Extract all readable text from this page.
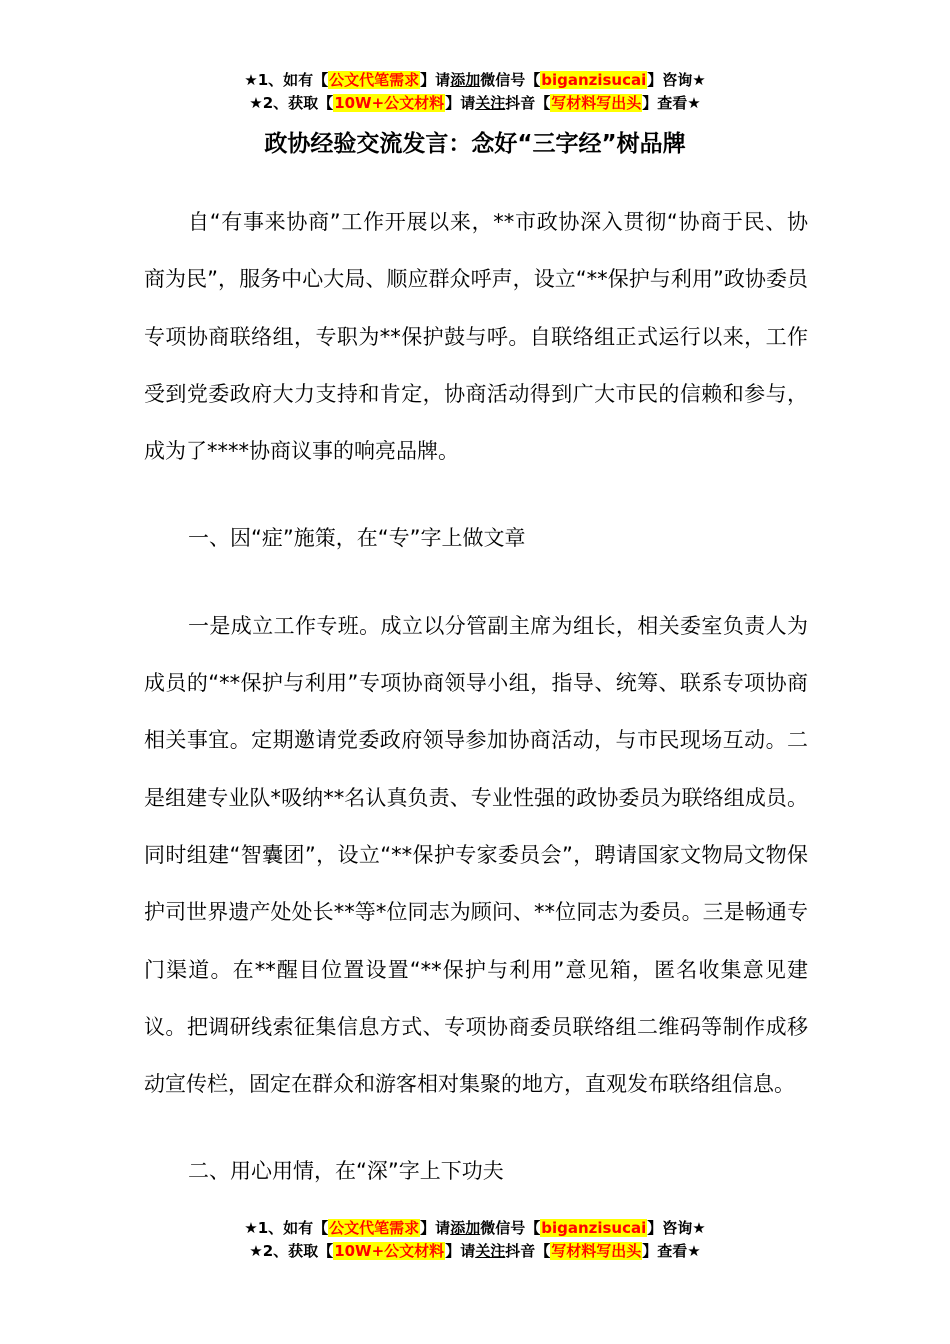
★1、如有【公文代笔需求】请添加微信号【biganzisucai】咨询★
★2、获取【10W+公文材料】请关注抖音【写材料写出头】查看★
政协经验交流发言：念好“三字经”树品牌

自“有事来协商”工作开展以来，**市政协深入贯彻“协商于民、协商为民”，服务中心大局、顺应群众呼声，设立“**保护与利用”政协委员专项协商联络组，专职为**保护鼓与呼。自联络组正式运行以来，工作受到党委政府大力支持和肯定，协商活动得到广大市民的信赖和参与，成为了****协商议事的响亮品牌。

一、因“症”施策，在“专”字上做文章

一是成立工作专班。成立以分管副主席为组长，相关委室负责人为成员的“**保护与利用”专项协商领导小组，指导、统筹、联系专项协商相关事宜。定期邀请党委政府领导参加协商活动，与市民现场互动。二是组建专业队*吸纳**名认真负责、专业性强的政协委员为联络组成员。同时组建“智囊团”，设立“**保护专家委员会”，聘请国家文物局文物保护司世界遗产处处长**等*位同志为顾问、**位同志为委员。三是畅通专门渠道。在**醒目位置设置“**保护与利用”意见箱，匿名收集意见建议。把调研线索征集信息方式、专项协商委员联络组二维码等制作成移动宣传栏，固定在群众和游客相对集聚的地方，直观发布联络组信息。

二、用心用情，在“深”字上下功夫

★1、如有【公文代笔需求】请添加微信号【biganzisucai】咨询★
★2、获取【10W+公文材料】请关注抖音【写材料写出头】查看★
